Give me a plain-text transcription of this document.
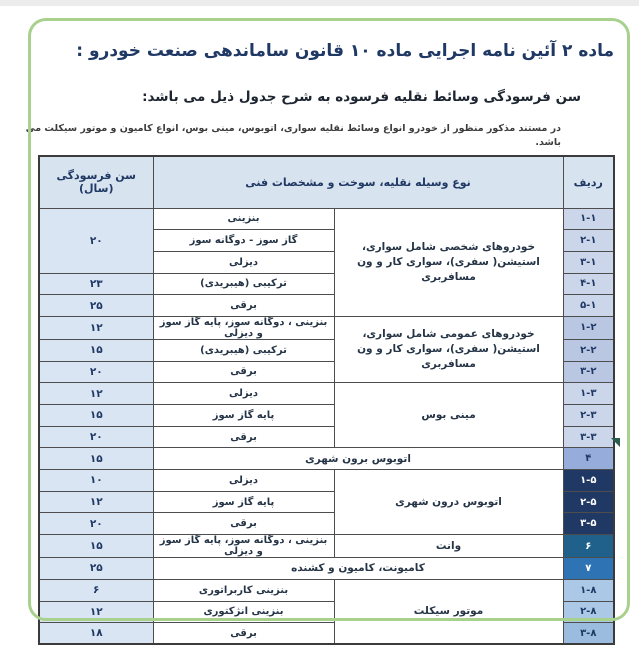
ماده ۲ آئین نامه اجرایی ماده ۱۰ قانون ساماندهی صنعت خودرو :
سن فرسودگی وسائط نقلیه فرسوده به شرح جدول ذیل می باشد:

در مستند مذکور منظور از خودرو انواع وسائط نقلیه سواری، اتوبوس، مینی بوس، انواع کامیون و موتور سیکلت می باشد.

ردیف	نوع وسیله نقلیه، سوخت و مشخصات فنی		سن فرسودگی (سال)
۱-۱	خودروهای شخصی شامل سواری، استیشن( سفری)، سواری کار و ون مسافربری	بنزینی	۲۰
۲-۱		گاز سوز - دوگانه سوز	
۳-۱		دیزلی	
۴-۱		ترکیبی (هیبریدی)	۲۳
۵-۱		برقی	۲۵
۱-۲	خودروهای عمومی شامل سواری، استیشن( سفری)، سواری کار و ون مسافربری	بنزینی ، دوگانه سوز، پایه گاز سوز و دیزلی	۱۲
۲-۲		ترکیبی (هیبریدی)	۱۵
۳-۲		برقی	۲۰
۱-۳	مینی بوس	دیزلی	۱۲
۲-۳		پایه گاز سوز	۱۵
۳-۳		برقی	۲۰
۴	اتوبوس برون شهری		۱۵
۱-۵	اتوبوس درون شهری	دیزلی	۱۰
۲-۵		پایه گاز سوز	۱۲
۳-۵		برقی	۲۰
۶	وانت	بنزینی ، دوگانه سوز، پایه گاز سوز و دیزلی	۱۵
۷	کامیونت، کامیون و کشنده		۲۵
۱-۸	موتور سیکلت	بنزینی کاربراتوری	۶
۲-۸		بنزینی انژکتوری	۱۲
۳-۸		برقی	۱۸
